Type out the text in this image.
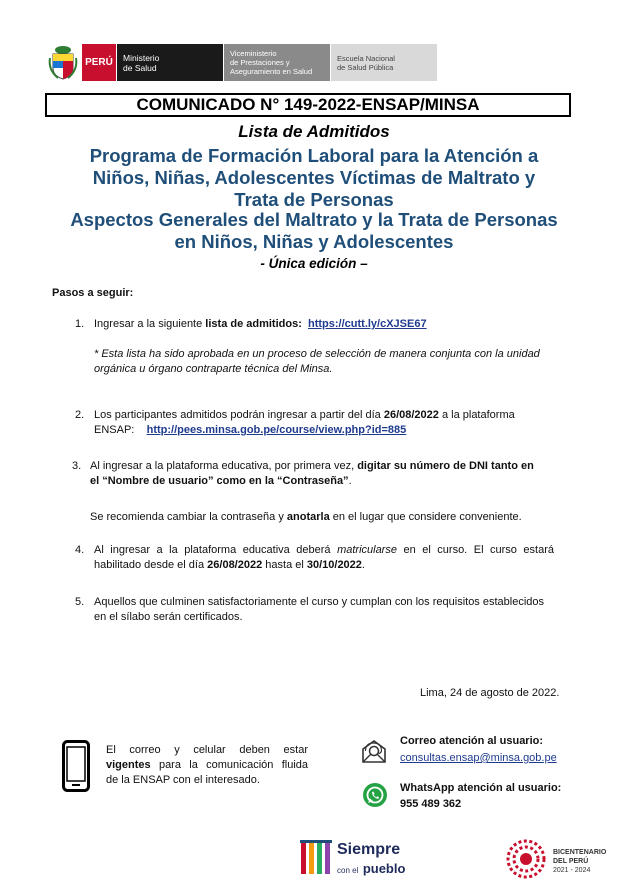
PERÚ	Ministerio
de Salud
Viceministerio
de Prestaciones y
Aseguramiento en Salud
Escuela Nacional
de Salud Pública
COMUNICADO N° 149-2022-ENSAP/MINSA
Lista de Admitidos
Programa de Formación Laboral para la Atención a
Niños, Niñas, Adolescentes Víctimas de Maltrato y
Trata de Personas
Aspectos Generales del Maltrato y la Trata de Personas
en Niños, Niñas y Adolescentes
- Única edición –
Pasos a seguir:
1. Ingresar a la siguiente lista de admitidos: https://cutt.ly/cXJSE67
* Esta lista ha sido aprobada en un proceso de selección de manera conjunta con la unidad
orgánica u órgano contraparte técnica del Minsa.
2. Los participantes admitidos podrán ingresar a partir del día 26/08/2022 a la plataforma
ENSAP: http://pees.minsa.gob.pe/course/view.php?id=885
3. Al ingresar a la plataforma educativa, por primera vez, digitar su número de DNI tanto en
el “Nombre de usuario” como en la “Contraseña”.
Se recomienda cambiar la contraseña y anotarla en el lugar que considere conveniente.
4. Al ingresar a la plataforma educativa deberá matricularse en el curso. El curso estará
habilitado desde el día 26/08/2022 hasta el 30/10/2022.
5. Aquellos que culminen satisfactoriamente el curso y cumplan con los requisitos establecidos
en el sílabo serán certificados.
Lima, 24 de agosto de 2022.
El correo y celular deben estar
vigentes para la comunicación fluida
de la ENSAP con el interesado.
Correo atención al usuario:
consultas.ensap@minsa.gob.pe
WhatsApp atención al usuario:
955 489 362
Siempre
con el pueblo
BICENTENARIO
DEL PERÚ
2021 - 2024
